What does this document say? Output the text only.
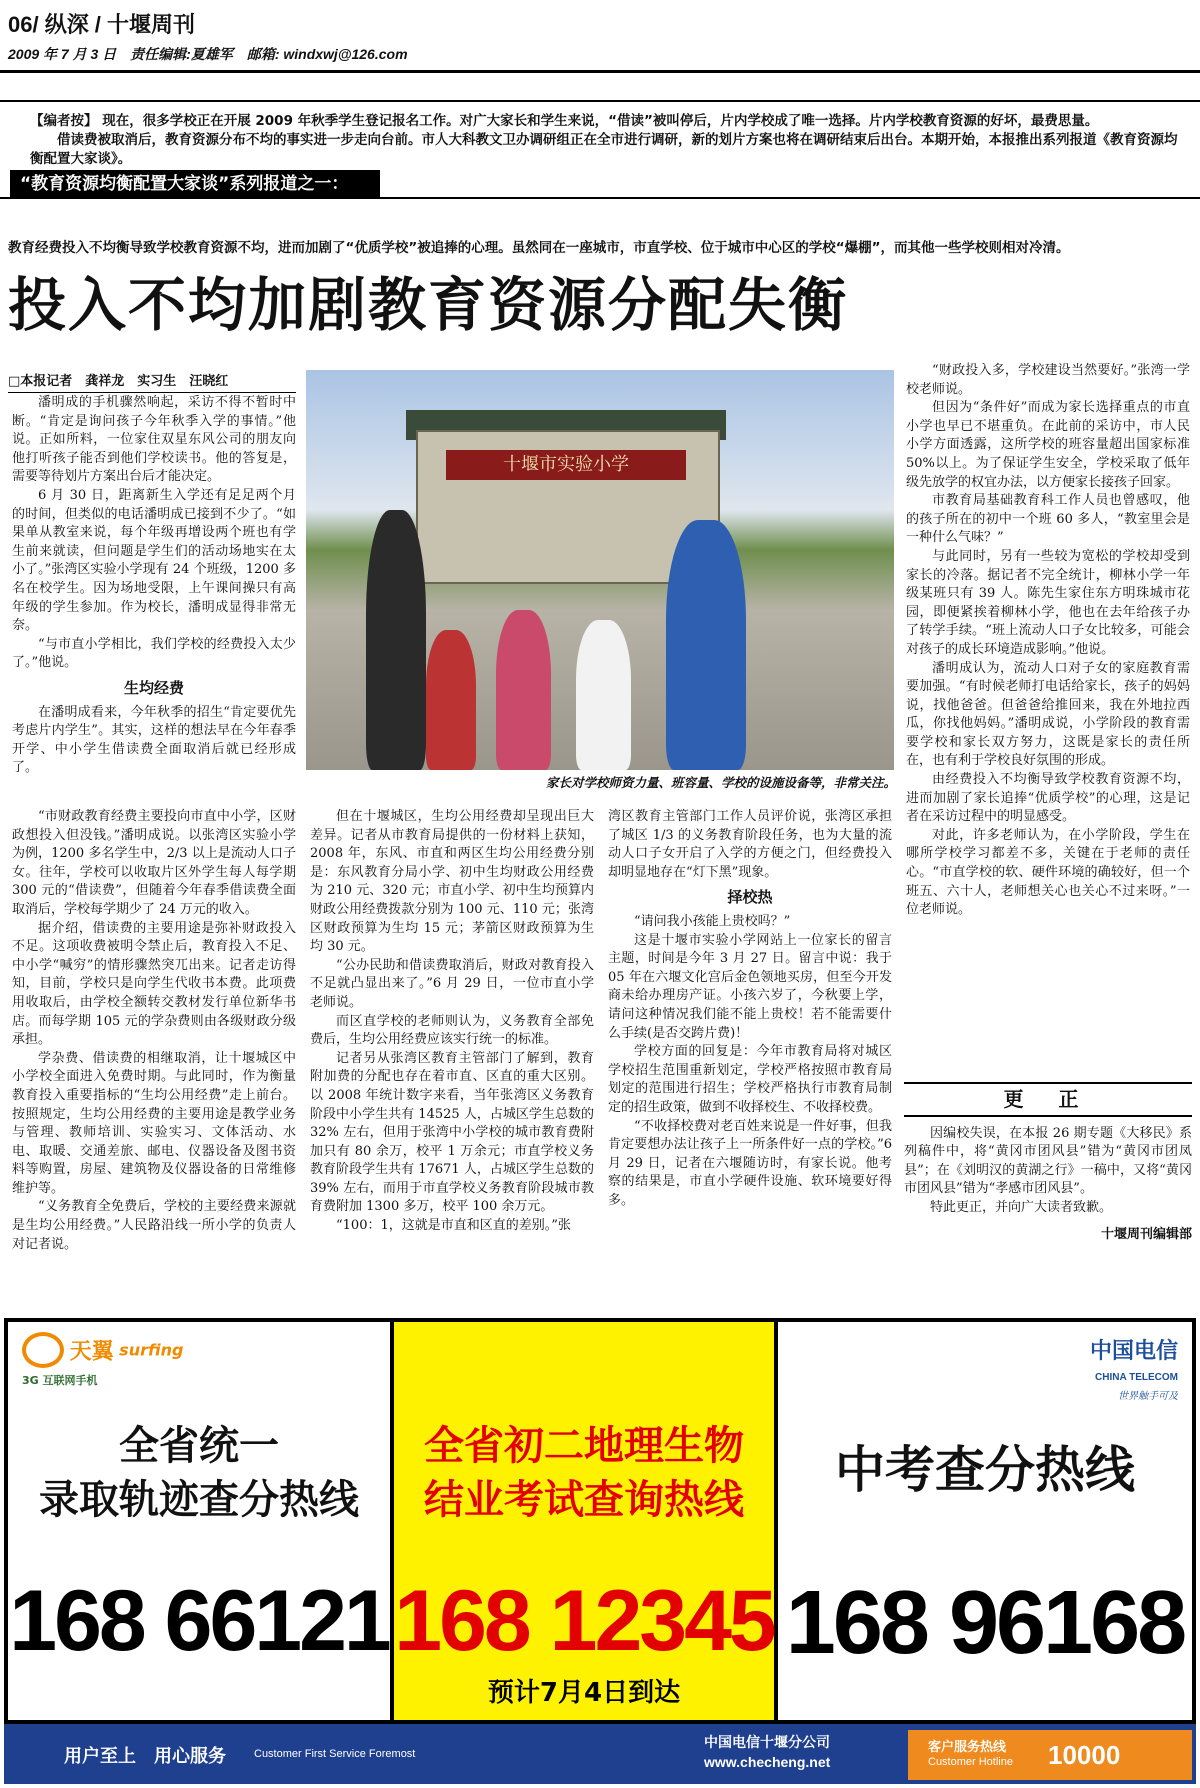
06/ 纵深 / 十堰周刊
2009 年 7 月 3 日　责任编辑:夏雄军　邮箱: windxwj@126.com

【编者按】 现在，很多学校正在开展 2009 年秋季学生登记报名工作。对广大家长和学生来说，“借读”被叫停后，片内学校成了唯一选择。片内学校教育资源的好坏，最费思量。

借读费被取消后，教育资源分布不均的事实进一步走向台前。市人大科教文卫办调研组正在全市进行调研，新的划片方案也将在调研结束后出台。本期开始，本报推出系列报道《教育资源均衡配置大家谈》。

“教育资源均衡配置大家谈”系列报道之一：
教育经费投入不均衡导致学校教育资源不均，进而加剧了“优质学校”被追捧的心理。虽然同在一座城市，市直学校、位于城市中心区的学校“爆棚”，而其他一些学校则相对冷清。
投入不均加剧教育资源分配失衡
□本报记者　龚祥龙　实习生　汪晓红

潘明成的手机骤然响起，采访不得不暂时中断。“肯定是询问孩子今年秋季入学的事情。”他说。正如所料，一位家住双星东风公司的朋友向他打听孩子能否到他们学校读书。他的答复是，需要等待划片方案出台后才能决定。

6 月 30 日，距离新生入学还有足足两个月的时间，但类似的电话潘明成已接到不少了。“如果单从教室来说，每个年级再增设两个班也有学生前来就读，但问题是学生们的活动场地实在太小了。”张湾区实验小学现有 24 个班级，1200 多名在校学生。因为场地受限，上午课间操只有高年级的学生参加。作为校长，潘明成显得非常无奈。

“与市直小学相比，我们学校的经费投入太少了。”他说。

生均经费

在潘明成看来，今年秋季的招生“肯定要优先考虑片内学生”。其实，这样的想法早在今年春季开学、中小学生借读费全面取消后就已经形成了。

十堰市实验小学
家长对学校师资力量、班容量、学校的设施设备等，非常关注。

“市财政教育经费主要投向市直中小学，区财政想投入但没钱。”潘明成说。以张湾区实验小学为例，1200 多名学生中，2/3 以上是流动人口子女。往年，学校可以收取片区外学生每人每学期 300 元的“借读费”，但随着今年春季借读费全面取消后，学校每学期少了 24 万元的收入。

据介绍，借读费的主要用途是弥补财政投入不足。这项收费被明令禁止后，教育投入不足、中小学“喊穷”的情形骤然突兀出来。记者走访得知，目前，学校只是向学生代收书本费。此项费用收取后，由学校全额转交教材发行单位新华书店。而每学期 105 元的学杂费则由各级财政分级承担。

学杂费、借读费的相继取消，让十堰城区中小学校全面进入免费时期。与此同时，作为衡量教育投入重要指标的“生均公用经费”走上前台。按照规定，生均公用经费的主要用途是教学业务与管理、教师培训、实验实习、文体活动、水电、取暖、交通差旅、邮电、仪器设备及图书资料等购置，房屋、建筑物及仪器设备的日常维修维护等。

“义务教育全免费后，学校的主要经费来源就是生均公用经费。”人民路沿线一所小学的负责人对记者说。

但在十堰城区，生均公用经费却呈现出巨大差异。记者从市教育局提供的一份材料上获知，2008 年，东风、市直和两区生均公用经费分别是：东风教育分局小学、初中生均财政公用经费为 210 元、320 元；市直小学、初中生均预算内财政公用经费拨款分别为 100 元、110 元；张湾区财政预算为生均 15 元；茅箭区财政预算为生均 30 元。

“公办民助和借读费取消后，财政对教育投入不足就凸显出来了。”6 月 29 日，一位市直小学老师说。

而区直学校的老师则认为，义务教育全部免费后，生均公用经费应该实行统一的标准。

记者另从张湾区教育主管部门了解到，教育附加费的分配也存在着市直、区直的重大区别。以 2008 年统计数字来看，当年张湾区义务教育阶段中小学生共有 14525 人，占城区学生总数的 32% 左右，但用于张湾中小学校的城市教育费附加只有 80 余万，校平 1 万余元；市直学校义务教育阶段学生共有 17671 人，占城区学生总数的 39% 左右，而用于市直学校义务教育阶段城市教育费附加 1300 多万，校平 100 余万元。

“100：1，这就是市直和区直的差别。”张

湾区教育主管部门工作人员评价说，张湾区承担了城区 1/3 的义务教育阶段任务，也为大量的流动人口子女开启了入学的方便之门，但经费投入却明显地存在“灯下黑”现象。

择校热

“请问我小孩能上贵校吗？”

这是十堰市实验小学网站上一位家长的留言主题，时间是今年 3 月 27 日。留言中说：我于 05 年在六堰文化宫后金色领地买房，但至今开发商未给办理房产证。小孩六岁了，今秋要上学，请问这种情况我们能不能上贵校！若不能需要什么手续(是否交跨片费)！

学校方面的回复是：今年市教育局将对城区学校招生范围重新划定，学校严格按照市教育局划定的范围进行招生；学校严格执行市教育局制定的招生政策，做到不收择校生、不收择校费。

“不收择校费对老百姓来说是一件好事，但我肯定要想办法让孩子上一所条件好一点的学校。”6 月 29 日，记者在六堰随访时，有家长说。他考察的结果是，市直小学硬件设施、软环境要好得多。

“财政投入多，学校建设当然要好。”张湾一学校老师说。

但因为“条件好”而成为家长选择重点的市直小学也早已不堪重负。在此前的采访中，市人民小学方面透露，这所学校的班容量超出国家标准 50%以上。为了保证学生安全，学校采取了低年级先放学的权宜办法，以方便家长接孩子回家。

市教育局基础教育科工作人员也曾感叹，他的孩子所在的初中一个班 60 多人，“教室里会是一种什么气味？”

与此同时，另有一些较为宽松的学校却受到家长的冷落。据记者不完全统计，柳林小学一年级某班只有 39 人。陈先生家住东方明珠城市花园，即便紧挨着柳林小学，他也在去年给孩子办了转学手续。“班上流动人口子女比较多，可能会对孩子的成长环境造成影响。”他说。

潘明成认为，流动人口对子女的家庭教育需要加强。“有时候老师打电话给家长，孩子的妈妈说，找他爸爸。但爸爸给推回来，我在外地拉西瓜，你找他妈妈。”潘明成说，小学阶段的教育需要学校和家长双方努力，这既是家长的责任所在，也有利于学校良好氛围的形成。

由经费投入不均衡导致学校教育资源不均，进而加剧了家长追捧“优质学校”的心理，这是记者在采访过程中的明显感受。

对此，许多老师认为，在小学阶段，学生在哪所学校学习都差不多，关键在于老师的责任心。“市直学校的软、硬件环境的确较好，但一个班五、六十人，老师想关心也关心不过来呀。”一位老师说。

更 正

因编校失误，在本报 26 期专题《大移民》系列稿件中，将“黄冈市团风县”错为“黄冈市团凤县”；在《刘明汉的黄湖之行》一稿中，又将“黄冈市团风县”错为“孝感市团风县”。

特此更正，并向广大读者致歉。

十堰周刊编辑部
天翼 surfing
3G 互联网手机
全省统一
录取轨迹查分热线
168 66121
全省初二地理生物
结业考试查询热线
168 12345
预计7月4日到达
中国电信
CHINA TELECOM
世界触手可及
中考查分热线
168 96168
用户至上　用心服务	Customer First Service Foremost
中国电信十堰分公司
www.checheng.net
客户服务热线
Customer Hotline 10000
